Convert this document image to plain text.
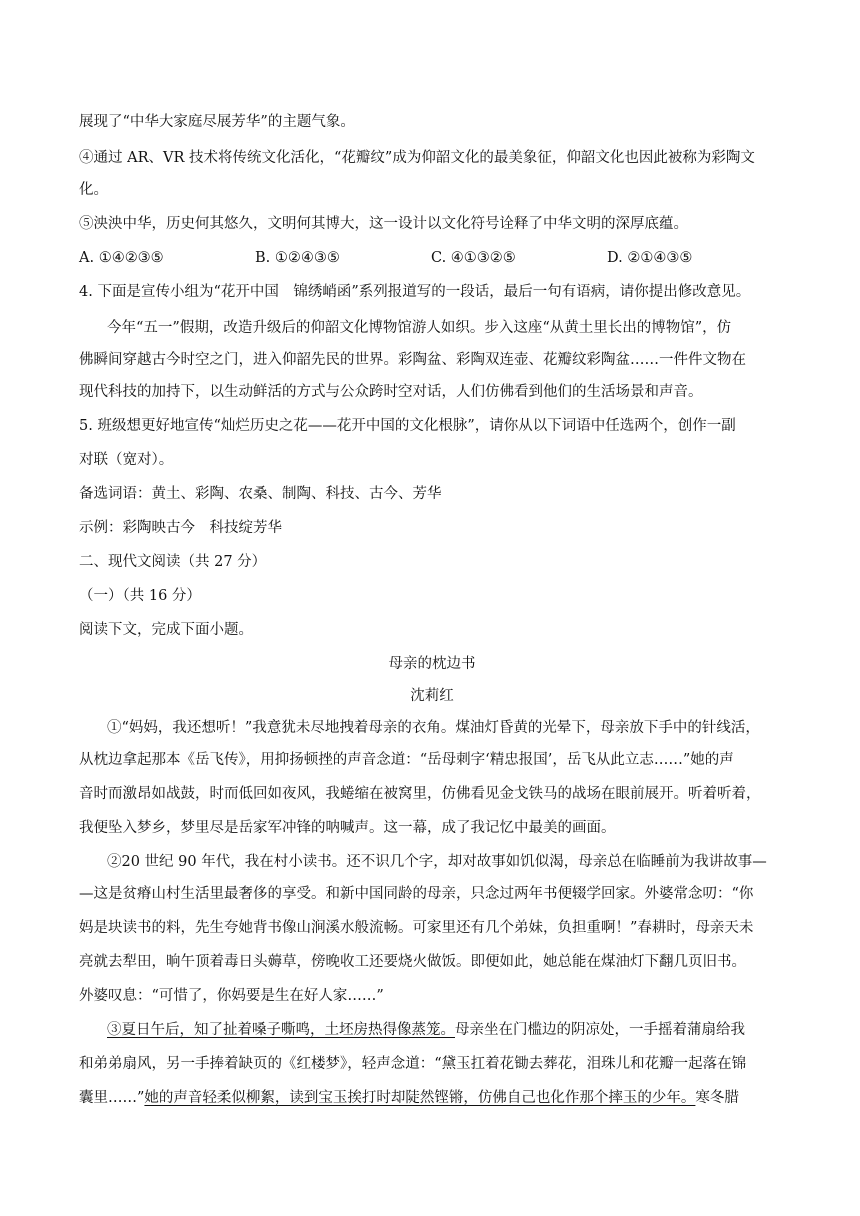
展现了“中华大家庭尽展芳华”的主题气象。
④通过 AR、VR 技术将传统文化活化，“花瓣纹”成为仰韶文化的最美象征，仰韶文化也因此被称为彩陶文
化。
⑤泱泱中华，历史何其悠久，文明何其博大，这一设计以文化符号诠释了中华文明的深厚底蕴。
A. ①④②③⑤	B. ①②④③⑤	C. ④①③②⑤	D. ②①④③⑤
4. 下面是宣传小组为“花开中国　锦绣峭函”系列报道写的一段话，最后一句有语病，请你提出修改意见。
今年“五一”假期，改造升级后的仰韶文化博物馆游人如织。步入这座“从黄土里长出的博物馆”，仿
佛瞬间穿越古今时空之门，进入仰韶先民的世界。彩陶盆、彩陶双连壶、花瓣纹彩陶盆……一件件文物在
现代科技的加持下，以生动鲜活的方式与公众跨时空对话，人们仿佛看到他们的生活场景和声音。
5. 班级想更好地宣传“灿烂历史之花——花开中国的文化根脉”，请你从以下词语中任选两个，创作一副
对联（宽对）。
备选词语：黄土、彩陶、农桑、制陶、科技、古今、芳华
示例：彩陶映古今　科技绽芳华
二、现代文阅读（共 27 分）
（一）（共 16 分）
阅读下文，完成下面小题。
母亲的枕边书
沈莉红
①“妈妈，我还想听！”我意犹未尽地拽着母亲的衣角。煤油灯昏黄的光晕下，母亲放下手中的针线活，
从枕边拿起那本《岳飞传》，用抑扬顿挫的声音念道：“岳母刺字‘精忠报国’，岳飞从此立志……”她的声
音时而激昂如战鼓，时而低回如夜风，我蜷缩在被窝里，仿佛看见金戈铁马的战场在眼前展开。听着听着，
我便坠入梦乡，梦里尽是岳家军冲锋的呐喊声。这一幕，成了我记忆中最美的画面。
②20 世纪 90 年代，我在村小读书。还不识几个字，却对故事如饥似渴，母亲总在临睡前为我讲故事—
—这是贫瘠山村生活里最奢侈的享受。和新中国同龄的母亲，只念过两年书便辍学回家。外婆常念叨：“你
妈是块读书的料，先生夸她背书像山涧溪水般流畅。可家里还有几个弟妹，负担重啊！”春耕时，母亲天未
亮就去犁田，晌午顶着毒日头薅草，傍晚收工还要烧火做饭。即便如此，她总能在煤油灯下翻几页旧书。
外婆叹息：“可惜了，你妈要是生在好人家……”
③夏日午后，知了扯着嗓子嘶鸣，土坯房热得像蒸笼。母亲坐在门槛边的阴凉处，一手摇着蒲扇给我
和弟弟扇风，另一手捧着缺页的《红楼梦》，轻声念道：“黛玉扛着花锄去葬花，泪珠儿和花瓣一起落在锦
囊里……”她的声音轻柔似柳絮，读到宝玉挨打时却陡然铿锵，仿佛自己也化作那个摔玉的少年。寒冬腊
